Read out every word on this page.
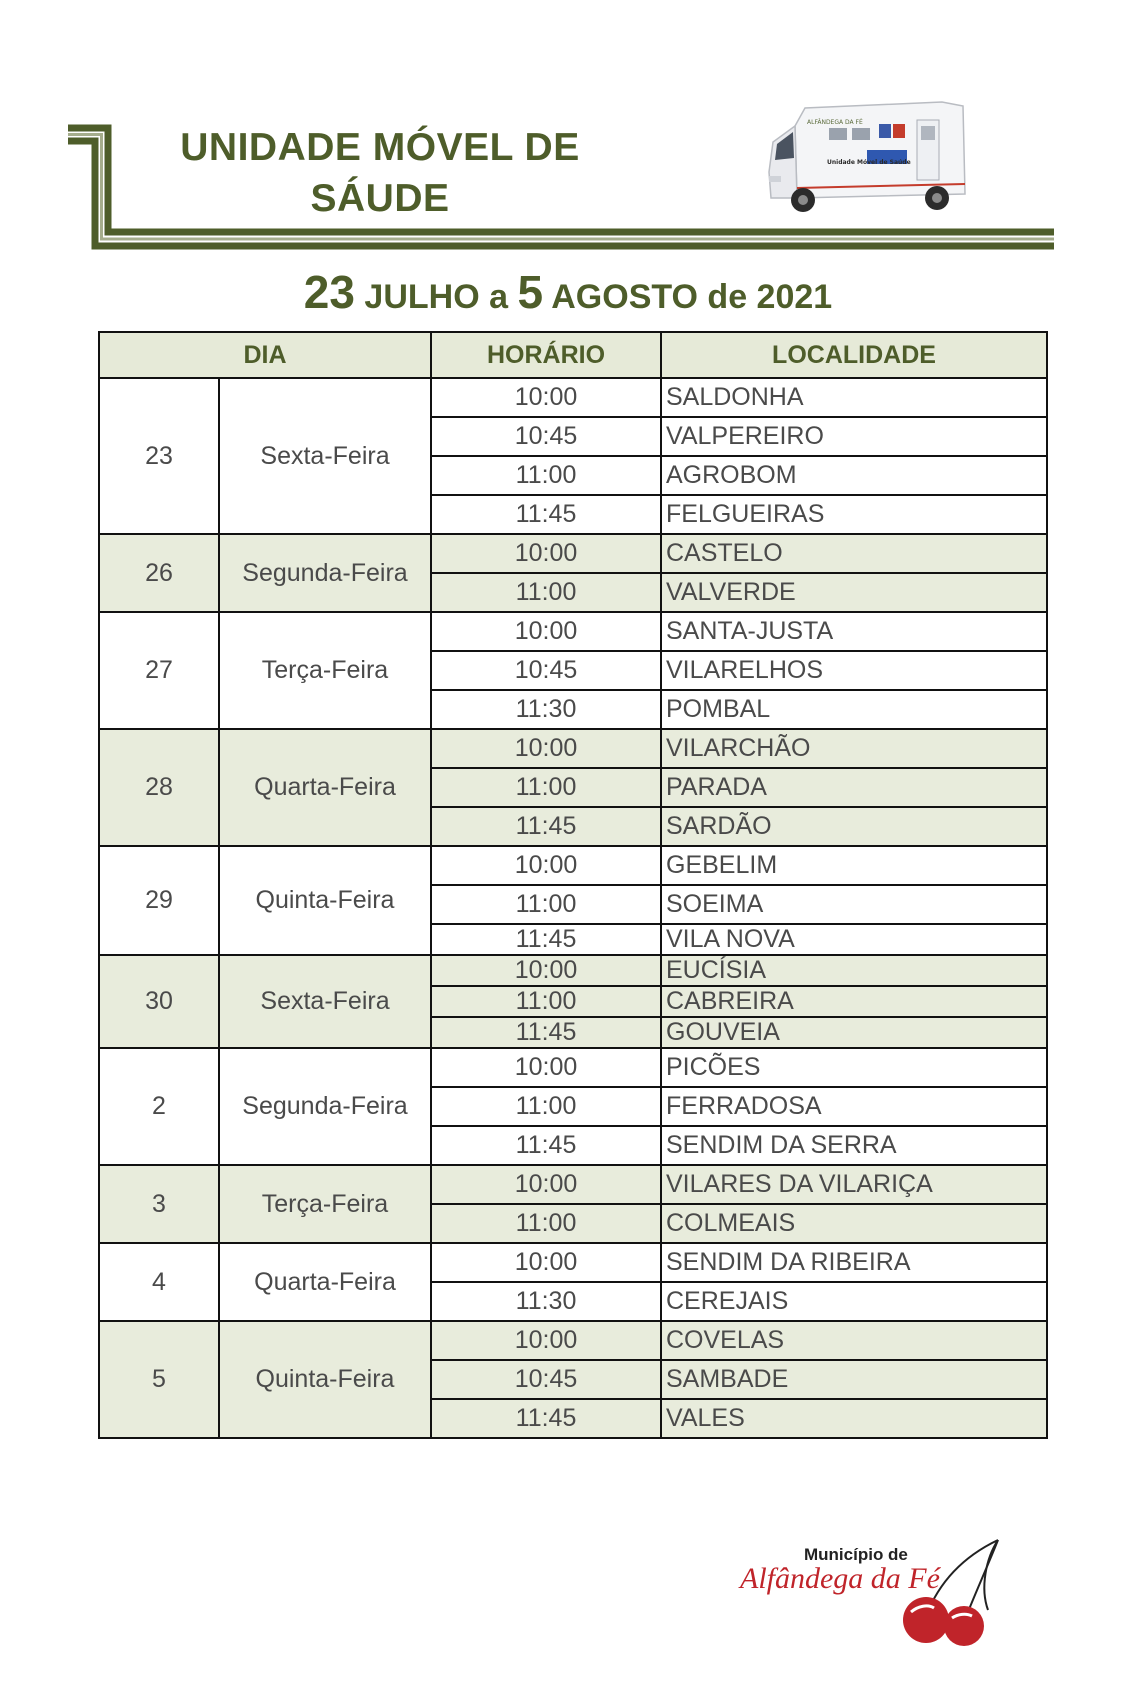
UNIDADE MÓVEL DE
SÁUDE
ALFÂNDEGA DA FÉ
Unidade Móvel de Saúde
23 JULHO a 5 AGOSTO de 2021
DIA		HORÁRIO	LOCALIDADE
23	Sexta-Feira	10:00	SALDONHA
		10:45	VALPEREIRO
		11:00	AGROBOM
		11:45	FELGUEIRAS
26	Segunda-Feira	10:00	CASTELO
		11:00	VALVERDE
27	Terça-Feira	10:00	SANTA-JUSTA
		10:45	VILARELHOS
		11:30	POMBAL
28	Quarta-Feira	10:00	VILARCHÃO
		11:00	PARADA
		11:45	SARDÃO
29	Quinta-Feira	10:00	GEBELIM
		11:00	SOEIMA
		11:45	VILA NOVA
30	Sexta-Feira	10:00	EUCÍSIA
		11:00	CABREIRA
		11:45	GOUVEIA
2	Segunda-Feira	10:00	PICÕES
		11:00	FERRADOSA
		11:45	SENDIM DA SERRA
3	Terça-Feira	10:00	VILARES DA VILARIÇA
		11:00	COLMEAIS
4	Quarta-Feira	10:00	SENDIM DA RIBEIRA
		11:30	CEREJAIS
5	Quinta-Feira	10:00	COVELAS
		10:45	SAMBADE
		11:45	VALES
Município de
Alfândega da Fé
